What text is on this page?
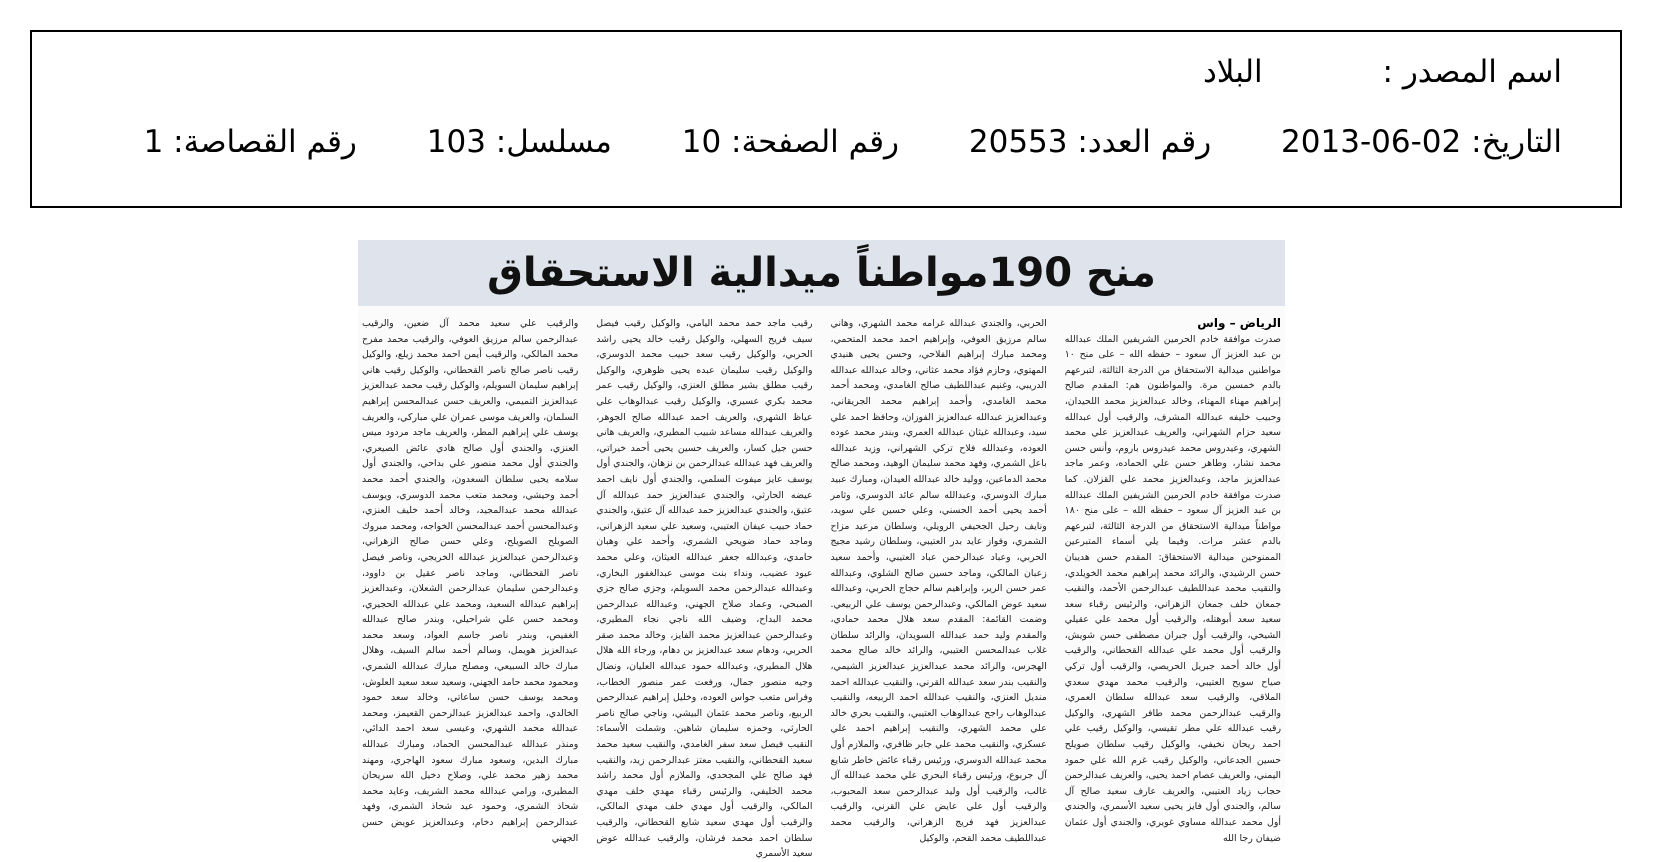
اسم المصدر : البلاد
التاريخ: 02-06-2013 رقم العدد: 20553 رقم الصفحة: 10 مسلسل: 103 رقم القصاصة: 1
منح 190مواطناً ميدالية الاستحقاق
الرياض – واس
صدرت موافقة خادم الحرمين الشريفين الملك عبدالله بن عبد العزيز آل سعود – حفظه الله – على منح ١٠ مواطنين ميدالية الاستحقاق من الدرجة الثالثة، لتبرعهم بالدم خمسين مرة. والمواطنون هم: المقدم صالح إبراهيم مهناء المهناء، وخالد عبدالعزيز محمد اللحيدان، وحبيب خليفه عبدالله المشرف، والرقيب أول عبدالله سعيد حزام الشهراني، والعريف عبدالعزيز علي محمد الشهري، وعيدروس محمد عيدروس باروم، وأنس حسن محمد نشار، وطاهر حسن علي الحماده، وعمر ماجد عبدالعزيز ماجد، وعبدالعزيز محمد علي القزلان. كما صدرت موافقة خادم الحرمين الشريفين الملك عبدالله بن عبد العزيز آل سعود – حفظه الله – على منح ١٨٠ مواطناً ميدالية الاستحقاق من الدرجة الثالثة، لتبرعهم بالدم عشر مرات. وفيما يلي أسماء المتبرعين الممنوحين ميدالية الاستحقاق: المقدم حسن هديبان حسن الرشيدي، والرائد محمد إبراهيم محمد الخويلدي، والنقيب محمد عبداللطيف عبدالرحمن الأحمد، والنقيب جمعان خلف جمعان الزهراني، والرئيس رقباء سعد سعيد سعد أبوهتله، والرقيب أول محمد علي عقيلي الشيخي، والرقيب أول جبران مصطفى حسن شويش، والرقيب أول محمد علي عبدالله القحطاني، والرقيب أول خالد أحمد جبريل الحريصي، والرقيب أول تركي صياح سويح العتيبي، والرقيب محمد مهدي سعدي الملاقي، والرقيب سعد عبدالله سلطان العمري، والرقيب عبدالرحمن محمد طافر الشهري، والوكيل رقيب عبدالله علي مطر تقيسي، والوكيل رقيب علي احمد ريحان نخيفي، والوكيل رقيب سلطان صويلح حسين الجدعاني، والوكيل رقيب غرم الله علي حمود اليمني، والعريف عصام احمد يحيى، والعريف عبدالرحمن حجاب زياد العتيبي، والعريف عارف سعيد صالح آل سالم، والجندي أول فايز يحيى سعيد الأسمري، والجندي أول محمد عبدالله مساوي غويري، والجندي أول عثمان ضيفان رجا الله
الحربي، والجندي عبدالله غرامه محمد الشهري، وهاني سالم مرزيق العوفي، وإبراهيم احمد محمد المتحمي، ومحمد مبارك إبراهيم الفلاحي، وحسن يحيى هنيدي المهتوي، وحازم فؤاد محمد عثاني، وخالد عبدالله عبدالله الدريبي، وغنيم عبداللطيف صالح الغامدي، ومحمد أحمد محمد الغامدي، وأحمد إبراهيم محمد الجريقاني، وعبدالعزيز عبدالله عبدالعزيز الفوزان، وحافظ احمد علي سيد، وعبدالله غيثان عبدالله العمري، وبندر محمد عوده العوده، وعبدالله فلاح تركي الشهراني، وزيد عبدالله باعل الشمري، وفهد محمد سليمان الوهيد، ومحمد صالح محمد الدماعين، ووليد خالد عبدالله العيدان، ومبارك عبيد مبارك الدوسري، وعبدالله سالم عائد الدوسري، وثامر أحمد يحيى أحمد الحسني، وعلي حسين علي سويد، ونايف رحيل الجحيفي الرويلي، وسلطان مرعيد مزاح الشمري، وفواز عايد بدر العتيبي، وسلطان رشيد مجيج الحربي، وعباد عبدالرحمن عباد العتيبي، وأحمد سعيد زعبان المالكي، وماجد حسين صالح الشلوي، وعبدالله عمر حسن الرير، وإبراهيم سالم حجاج الحربي، وعبدالله سعيد عوض المالكي، وعبدالرحمن يوسف علي الربيعي. وضمت القائمة: المقدم سعد هلال محمد حمادي، والمقدم وليد حمد عبدالله السويدان، والرائد سلطان غلاب عبدالمحسن العتيبي، والرائد خالد صالح محمد الهجرس، والرائد محمد عبدالعزيز عبدالعزيز الشيمي، والنقيب بندر سعد عبدالله القرني، والنقيب عبدالله احمد منديل العنزي، والنقيب عبدالله احمد الربيعه، والنقيب عبدالوهاب راجح عبدالوهاب العتيبي، والنقيب بحري خالد علي محمد الشهري، والنقيب إبراهيم احمد علي عسكري، والنقيب محمد علي جابر ظافري، والملازم أول محمد عبدالله الدوسري، ورئيس رقباء عائض خاطر شايع آل جربوع، ورئيس رقباء البحري علي محمد عبدالله آل غالب، والرقيب أول وليد عبدالرحمن سعد المحبوب، والرقيب أول علي عايض علي القرني، والرقيب عبدالعزيز فهد فريج الزهراني، والرقيب محمد عبداللطيف محمد القحم، والوكيل
رقيب ماجد حمد محمد اليامي، والوكيل رقيب فيصل سيف فريح السهلي، والوكيل رقيب خالد يحيى راشد الحربي، والوكيل رقيب سعد حبيب محمد الدوسري، والوكيل رقيب سليمان عبده يحيى ظوهري، والوكيل رقيب مطلق بشير مطلق العنزي، والوكيل رقيب عمر محمد بكري عسيري، والوكيل رقيب عبدالوهاب علي عياظ الشهري، والعريف احمد عبدالله صالح الجوهر، والعريف عبدالله مساعد شبيب المطيري، والعريف هاني حسن جيل كسار، والعريف حسين يحيى أحمد خيراتي، والعريف فهد عبدالله عبدالرحمن بن نزهان، والجندي أول يوسف عايز ميفوت السلمي، والجندي أول نايف احمد عيضه الحارثي، والجندي عبدالعزيز حمد عبدالله آل عتيق، والجندي عبدالعزيز حمد عبدالله آل عتيق، والجندي حماد حبيب عيفان العتيبي، وسعيد علي سعيد الزهراني، وماجد حماد ضويحي الشمري، وأحمد علي وهبان حامدي، وعبدالله جعفر عبدالله العيثان، وعلي محمد عيود عضيب، ونداء بنت موسى عبدالغفور البخاري، وعبدالله عبدالرحمن محمد السويلم، وجزي صالح جزي الصبحي، وعماد صلاح الجهني، وعبدالله عبدالرحمن محمد البداح، وضيف الله ناجي نجاء المطيري، وعبدالرحمن عبدالعزيز محمد الفايز، وخالد محمد صقر الحربي، ودهام سعد عبدالعزيز بن دهام، ورجاء الله هلال هلال المطيري، وعبدالله حمود عبدالله العليان، ونضال وجيه منصور جمال، ورفعت عمر منصور الخطاب، وفراس متعب جواس العوده، وخليل إبراهيم عبدالرحمن الربيع، وناصر محمد عثمان البيشي، وناجي صالح ناصر الحارثي، وحمزه سليمان شاهين. وشملت الأسماء: النقيب فيصل سعد سفر الغامدي، والنقيب سعيد محمد سعيد القحطاني، والنقيب معتز عبدالرحمن زيد، والنقيب فهد صالح علي المجحدي، والملازم أول محمد راشد محمد الخليفي، والرئيس رقباء مهدي خلف مهدي المالكي، والرقيب أول مهدي خلف مهدي المالكي، والرقيب أول مهدي سعيد شايع القحطاني، والرقيب سلطان احمد محمد فرشان، والرقيب عبدالله عوض سعيد الأسمري
والرقيب علي سعيد محمد آل ضعين، والرقيب عبدالرحمن سالم مرزيق العوفي، والرقيب محمد مفرح محمد المالكي، والرقيب أيمن احمد محمد زيلع، والوكيل رقيب ناصر صالح ناصر القحطاني، والوكيل رقيب هاني إبراهيم سليمان السويلم، والوكيل رقيب محمد عبدالعزيز عبدالعزيز التميمي، والعريف حسن عبدالمحسن إبراهيم السلمان، والعريف موسى عمران علي مباركي، والعريف يوسف علي إبراهيم المطر، والعريف ماجد مردود ميس العنزي، والجندي أول صالح هادي عائض الصيعري، والجندي أول محمد منصور علي بداحي، والجندي أول سلامه يحيى سلطان السعدون، والجندي أحمد محمد أحمد وحيشي، ومحمد متعب محمد الدوسري، ويوسف عبدالله محمد عبدالمجيد، وخالد أحمد خليف العنزي، وعبدالمحسن أحمد عبدالمحسن الخواجه، ومحمد مبروك الصويلح الصويلح، وعلي حسن صالح الزهراني، وعبدالرحمن عبدالعزيز عبدالله الخريجي، وناصر فيصل ناصر القحطاني، وماجد ناصر عقيل بن داوود، وعبدالرحمن سليمان عبدالرحمن الشعلان، وعبدالعزيز إبراهيم عبدالله السعيد، ومحمد علي عبدالله الحجيري، ومحمد حسن علي شراحيلي، وبندر صالح عبدالله الغفيص، وبندر ناصر جاسم العواد، وسعد محمد عبدالعزيز هويمل، وسالم أحمد سالم السيف، وهلال مبارك خالد السبيعي، ومصلح مبارك عبدالله الشمري، ومحمود محمد حامد الجهني، وسعيد سعد سعيد العلوش، ومحمد يوسف حسن ساعاتي، وخالد سعد حمود الخالدي، واحمد عبدالعزيز عبدالرحمن القعيمز، ومحمد عبدالله محمد الشهري، وعيسى سعد احمد الدائي، ومنذر عبدالله عبدالمحسن الحماد، ومبارك عبدالله مبارك البدين، وسعود مبارك سعود الهاجري، ومهند محمد زهير محمد علي، وصلاح دخيل الله سريحان المطيري، ورامي عبدالله محمد الشريف، وعايد محمد شحاذ الشمري، وحمود عيد شحاذ الشمري، وفهد عبدالرحمن إبراهيم دخام، وعبدالعزيز عويض حسن الجهني
